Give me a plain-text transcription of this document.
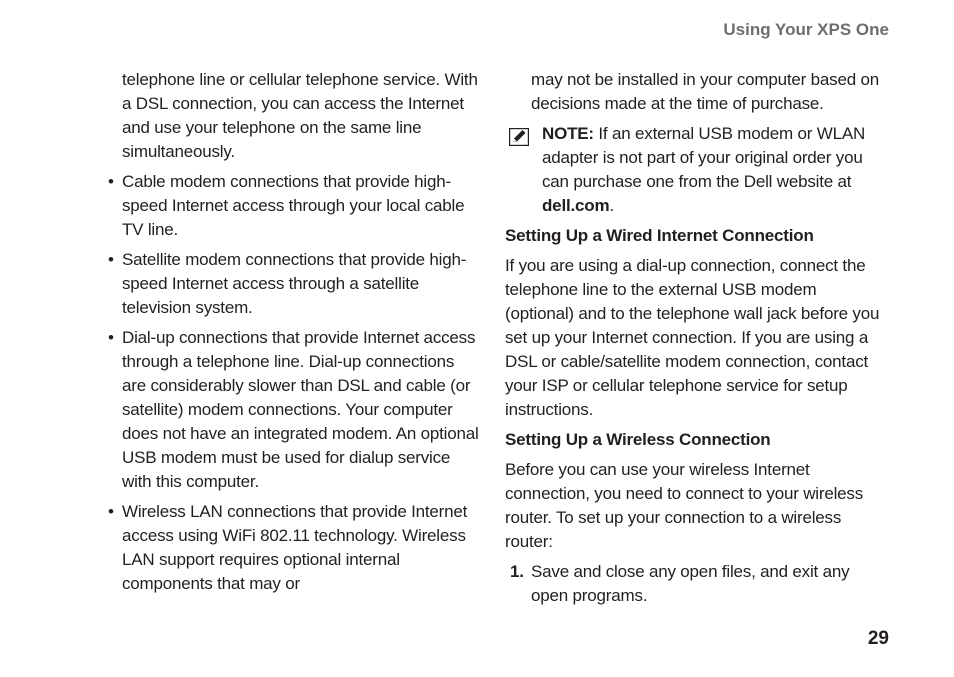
Using Your XPS One

telephone line or cellular telephone service. With a DSL connection, you can access the Internet and use your telephone on the same line simultaneously.

• Cable modem connections that provide high-speed Internet access through your local cable TV line.
• Satellite modem connections that provide high-speed Internet access through a satellite television system.
• Dial-up connections that provide Internet access through a telephone line. Dial-up connections are considerably slower than DSL and cable (or satellite) modem connections. Your computer does not have an integrated modem. An optional USB modem must be used for dialup service with this computer.
• Wireless LAN connections that provide Internet access using WiFi 802.11 technology. Wireless LAN support requires optional internal components that may or

may not be installed in your computer based on decisions made at the time of purchase.

NOTE: If an external USB modem or WLAN adapter is not part of your original order you can purchase one from the Dell website at dell.com.

Setting Up a Wired Internet Connection

If you are using a dial-up connection, connect the telephone line to the external USB modem (optional) and to the telephone wall jack before you set up your Internet connection. If you are using a DSL or cable/satellite modem connection, contact your ISP or cellular telephone service for setup instructions.

Setting Up a Wireless Connection

Before you can use your wireless Internet connection, you need to connect to your wireless router. To set up your connection to a wireless router:

1. Save and close any open files, and exit any open programs.
29
